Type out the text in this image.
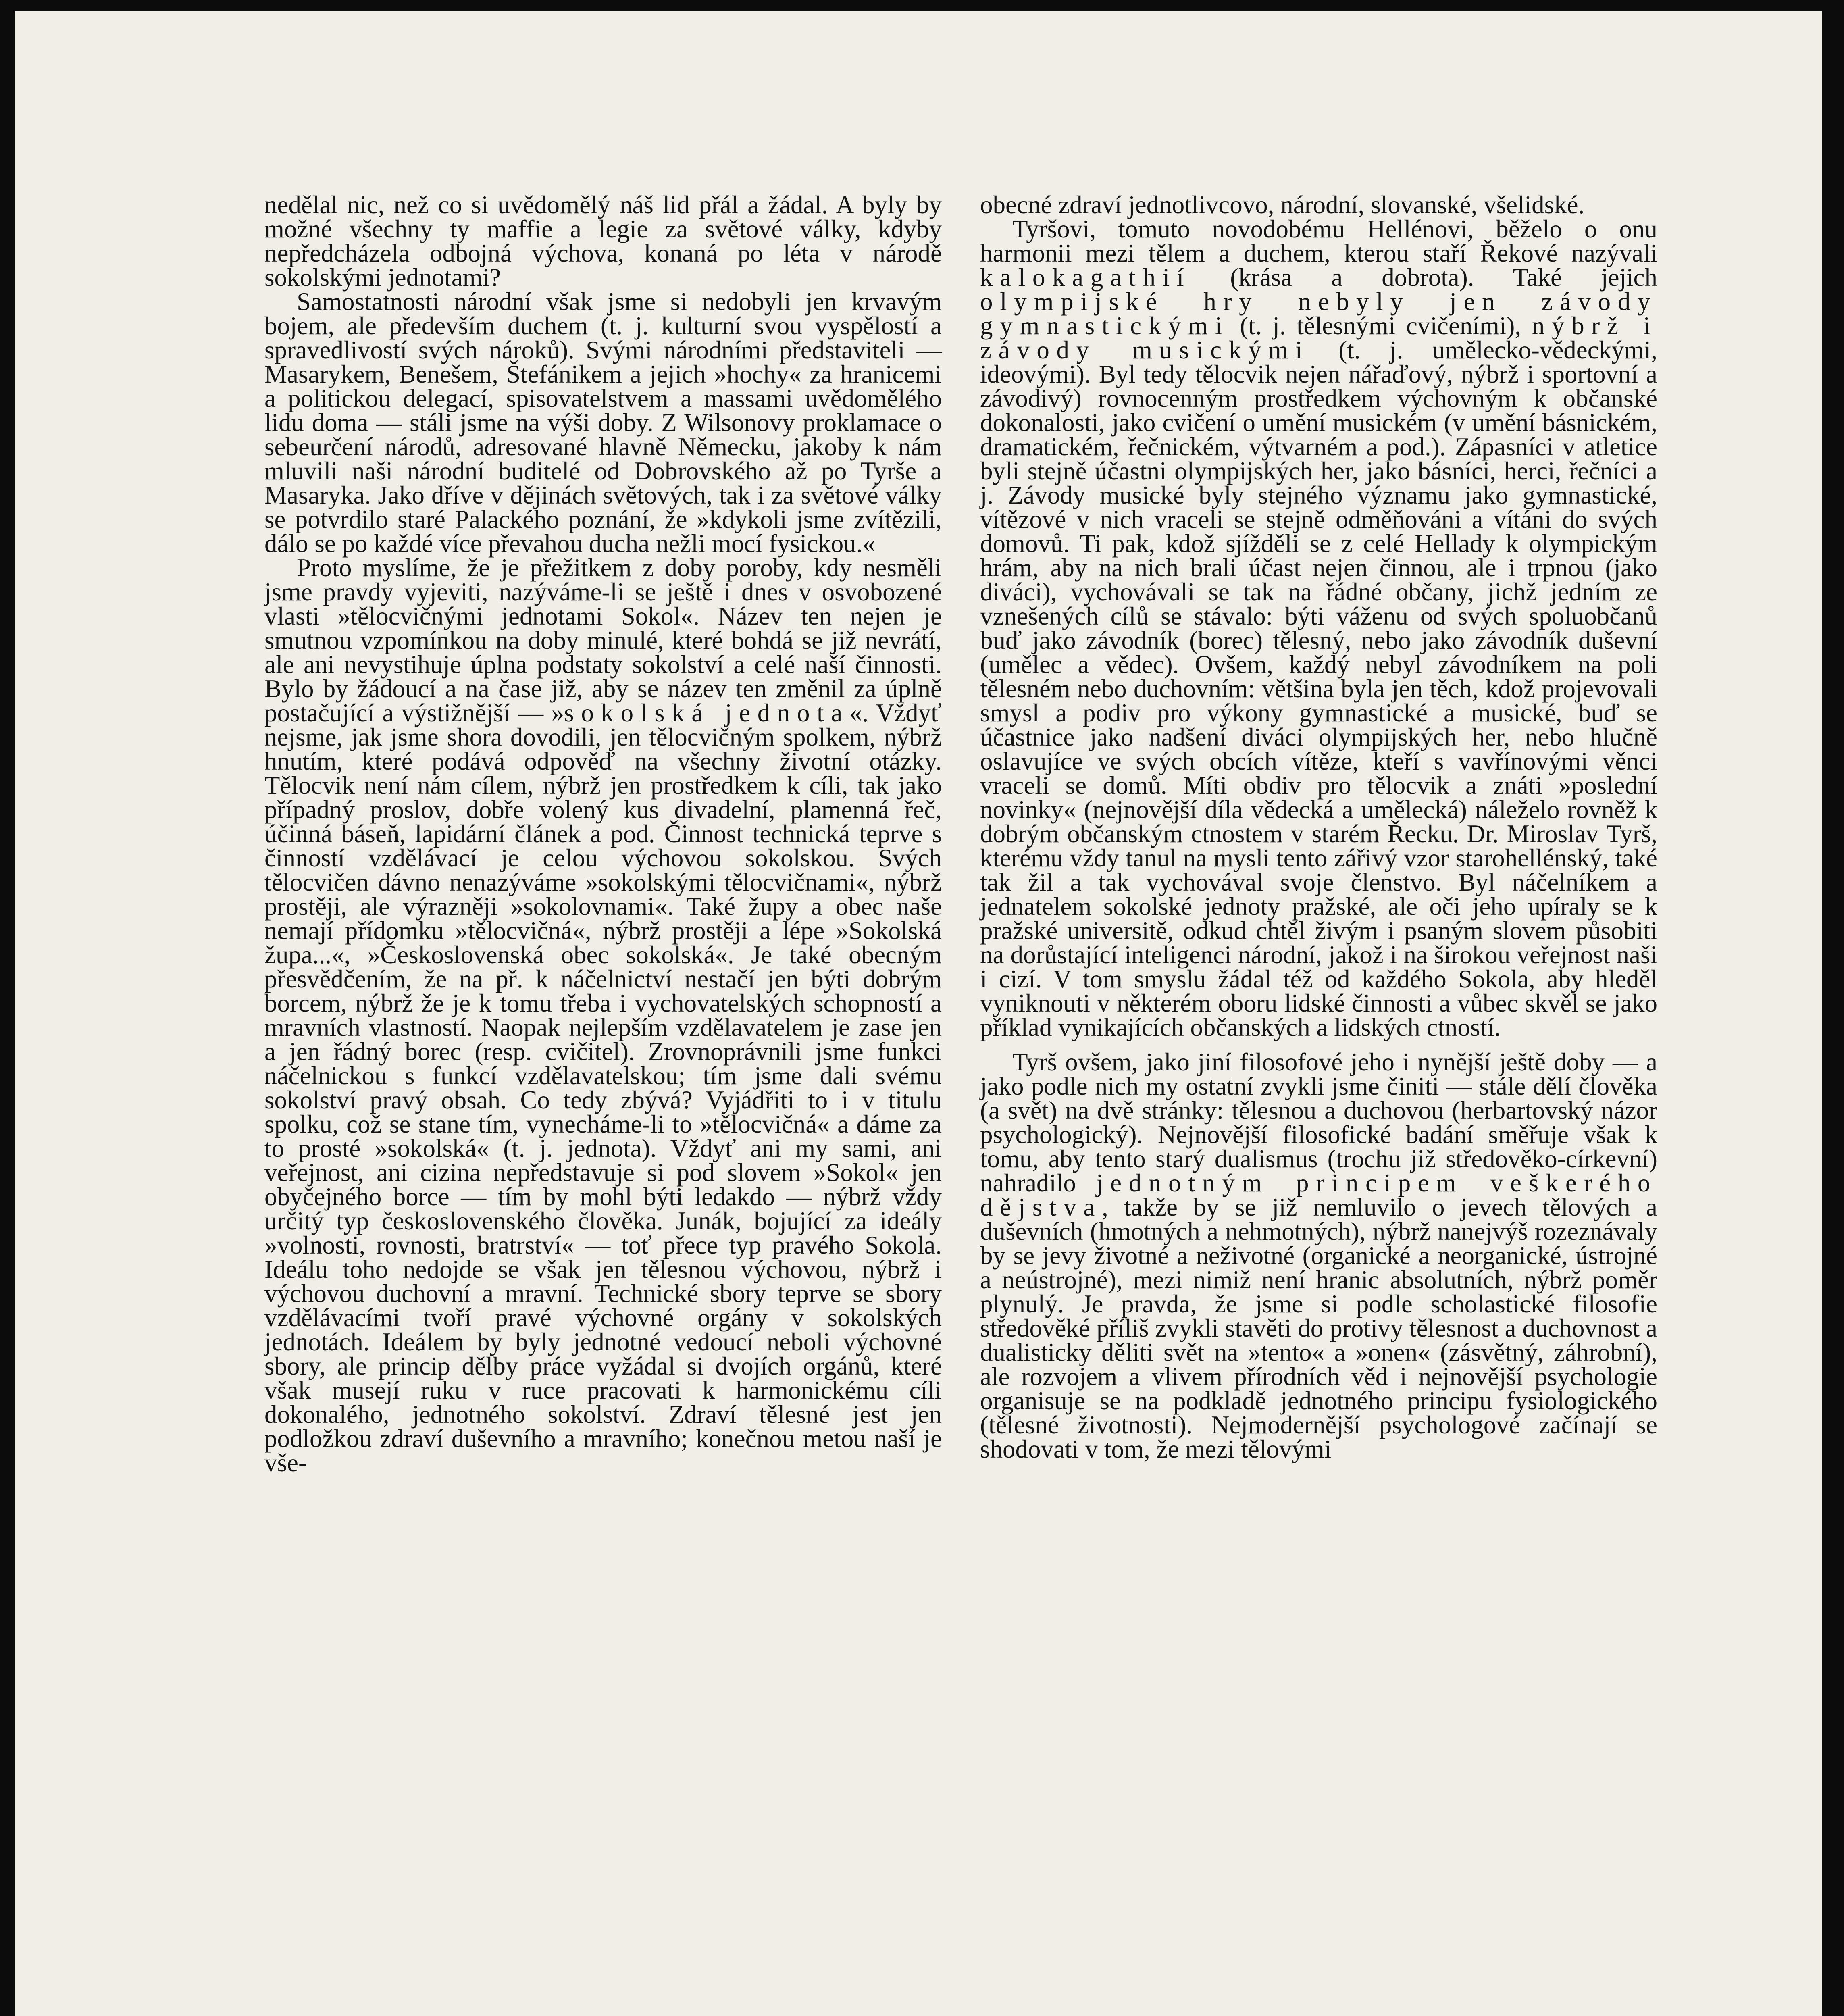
nedělal nic, než co si uvědomělý náš lid přál a žádal. A byly by možné všechny ty maffie a legie za světové války, kdyby nepředcházela odbojná výchova, konaná po léta v národě sokolskými jednotami?

Samostatnosti národní však jsme si nedobyli jen krvavým bojem, ale především duchem (t. j. kulturní svou vyspělostí a spravedlivostí svých nároků). Svými národními představiteli — Masarykem, Benešem, Štefánikem a jejich »hochy« za hranicemi a politickou delegací, spisovatelstvem a massami uvědomělého lidu doma — stáli jsme na výši doby. Z Wilsonovy proklamace o sebeurčení národů, adresované hlavně Německu, jakoby k nám mluvili naši národní buditelé od Dobrovského až po Tyrše a Masaryka. Jako dříve v dějinách světových, tak i za světové války se potvrdilo staré Palackého poznání, že »kdykoli jsme zvítězili, dálo se po každé více převahou ducha nežli mocí fysickou.«

Proto myslíme, že je přežitkem z doby poroby, kdy nesměli jsme pravdy vyjeviti, nazýváme-li se ještě i dnes v osvobozené vlasti »tělocvičnými jednotami Sokol«. Název ten nejen je smutnou vzpomínkou na doby minulé, které bohdá se již nevrátí, ale ani nevystihuje úplna podstaty sokolství a celé naší činnosti. Bylo by žádoucí a na čase již, aby se název ten změnil za úplně postačující a výstižnější — »sokolská jednota«. Vždyť nejsme, jak jsme shora dovodili, jen tělocvičným spolkem, nýbrž hnutím, které podává odpověď na všechny životní otázky. Tělocvik není nám cílem, nýbrž jen prostředkem k cíli, tak jako případný proslov, dobře volený kus divadelní, plamenná řeč, účinná báseň, lapidární článek a pod. Činnost technická teprve s činností vzdělávací je celou výchovou sokolskou. Svých tělocvičen dávno nenazýváme »sokolskými tělocvičnami«, nýbrž prostěji, ale výrazněji »sokolovnami«. Také župy a obec naše nemají přídomku »tělocvičná«, nýbrž prostěji a lépe »Sokolská župa...«, »Československá obec sokolská«. Je také obecným přesvědčením, že na př. k náčelnictví nestačí jen býti dobrým borcem, nýbrž že je k tomu třeba i vychovatelských schopností a mravních vlastností. Naopak nejlepším vzdělavatelem je zase jen a jen řádný borec (resp. cvičitel). Zrovnoprávnili jsme funkci náčelnickou s funkcí vzdělavatelskou; tím jsme dali svému sokolství pravý obsah. Co tedy zbývá? Vyjádřiti to i v titulu spolku, což se stane tím, vynecháme-li to »tělocvičná« a dáme za to prosté »sokolská« (t. j. jednota). Vždyť ani my sami, ani veřejnost, ani cizina nepředstavuje si pod slovem »Sokol« jen obyčejného borce — tím by mohl býti ledakdo — nýbrž vždy určitý typ československého člověka. Junák, bojující za ideály »volnosti, rovnosti, bratrství« — toť přece typ pravého Sokola. Ideálu toho nedojde se však jen tělesnou výchovou, nýbrž i výchovou duchovní a mravní. Technické sbory teprve se sbory vzdělávacími tvoří pravé výchovné orgány v sokolských jednotách. Ideálem by byly jednotné vedoucí neboli výchovné sbory, ale princip dělby práce vyžádal si dvojích orgánů, které však musejí ruku v ruce pracovati k harmonickému cíli dokonalého, jednotného sokolství. Zdraví tělesné jest jen podložkou zdraví duševního a mravního; konečnou metou naší je vše-

obecné zdraví jednotlivcovo, národní, slovanské, všelidské.

Tyršovi, tomuto novodobému Hellénovi, běželo o onu harmonii mezi tělem a duchem, kterou staří Řekové nazývali kalokagathií (krása a dobrota). Také jejich olympijské hry nebyly jen závody gymnastickými (t. j. tělesnými cvičeními), nýbrž i závody musickými (t. j. umělecko-vědeckými, ideovými). Byl tedy tělocvik nejen nářaďový, nýbrž i sportovní a závodivý) rovnocenným prostředkem výchovným k občanské dokonalosti, jako cvičení o umění musickém (v umění básnickém, dramatickém, řečnickém, výtvarném a pod.). Zápasníci v atletice byli stejně účastni olympijských her, jako básníci, herci, řečníci a j. Závody musické byly stejného významu jako gymnastické, vítězové v nich vraceli se stejně odměňováni a vítáni do svých domovů. Ti pak, kdož sjížděli se z celé Hellady k olympickým hrám, aby na nich brali účast nejen činnou, ale i trpnou (jako diváci), vychovávali se tak na řádné občany, jichž jedním ze vznešených cílů se stávalo: býti váženu od svých spoluobčanů buď jako závodník (borec) tělesný, nebo jako závodník duševní (umělec a vědec). Ovšem, každý nebyl závodníkem na poli tělesném nebo duchovním: většina byla jen těch, kdož projevovali smysl a podiv pro výkony gymnastické a musické, buď se účastnice jako nadšení diváci olympijských her, nebo hlučně oslavujíce ve svých obcích vítěze, kteří s vavřínovými věnci vraceli se domů. Míti obdiv pro tělocvik a znáti »poslední novinky« (nejnovější díla vědecká a umělecká) náleželo rovněž k dobrým občanským ctnostem v starém Řecku. Dr. Miroslav Tyrš, kterému vždy tanul na mysli tento zářivý vzor starohellénský, také tak žil a tak vychovával svoje členstvo. Byl náčelníkem a jednatelem sokolské jednoty pražské, ale oči jeho upíraly se k pražské universitě, odkud chtěl živým i psaným slovem působiti na dorůstající inteligenci národní, jakož i na širokou veřejnost naši i cizí. V tom smyslu žádal též od každého Sokola, aby hleděl vyniknouti v některém oboru lidské činnosti a vůbec skvěl se jako příklad vynikajících občanských a lidských ctností.

Tyrš ovšem, jako jiní filosofové jeho i nynější ještě doby — a jako podle nich my ostatní zvykli jsme činiti — stále dělí člověka (a svět) na dvě stránky: tělesnou a duchovou (herbartovský názor psychologický). Nejnovější filosofické badání směřuje však k tomu, aby tento starý dualismus (trochu již středověko-církevní) nahradilo jednotným principem veškerého dějstva, takže by se již nemluvilo o jevech tělových a duševních (hmotných a nehmotných), nýbrž nanejvýš rozeznávaly by se jevy životné a neživotné (organické a neorganické, ústrojné a neústrojné), mezi nimiž není hranic absolutních, nýbrž poměr plynulý. Je pravda, že jsme si podle scholastické filosofie středověké příliš zvykli stavěti do protivy tělesnost a duchovnost a dualisticky děliti svět na »tento« a »onen« (zásvětný, záhrobní), ale rozvojem a vlivem přírodních věd i nejnovější psychologie organisuje se na podkladě jednotného principu fysiologického (tělesné životnosti). Nejmodernější psychologové začínají se shodovati v tom, že mezi tělovými
